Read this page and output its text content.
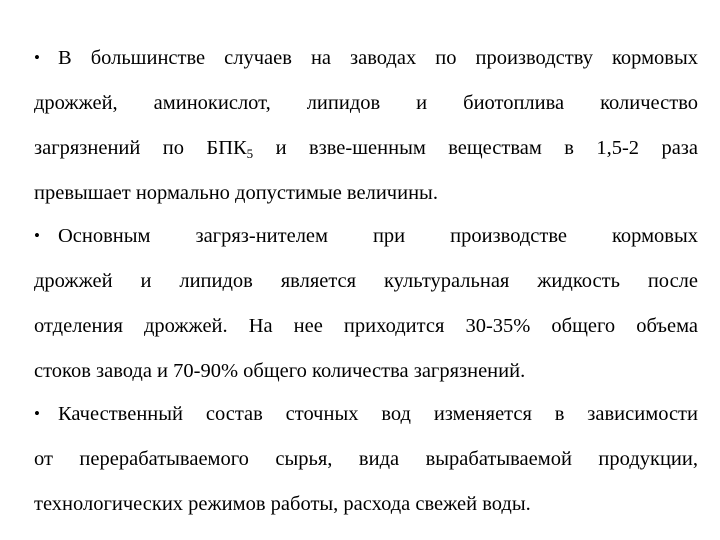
• В большинстве случаев на заводах по производству кормовых
дрожжей, аминокислот, липидов и биотоплива количество
загрязнений по $БПК_5$ и взве-шенным веществам в 1,5-2 раза
превышает нормально допустимые величины.
• Основным загряз-нителем при производстве кормовых
дрожжей и липидов является культуральная жидкость после
отделения дрожжей. На нее приходится 30-35% общего объема
стоков завода и 70-90% общего количества загрязнений.
• Качественный состав сточных вод изменяется в зависимости
от перерабатываемого сырья, вида вырабатываемой продукции,
технологических режимов работы, расхода свежей воды.
